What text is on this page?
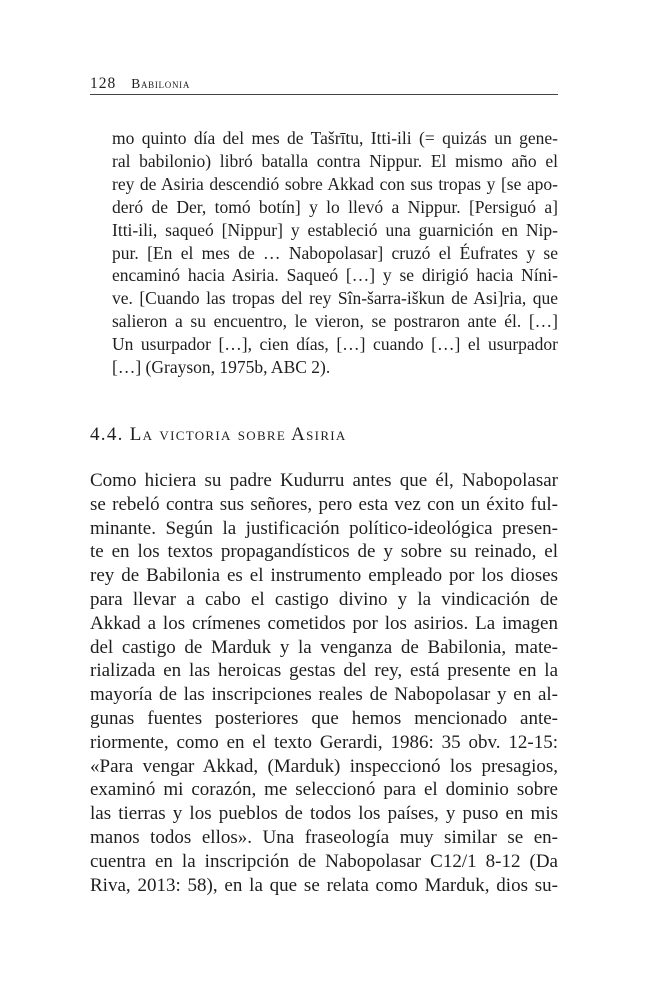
128 Babilonia
mo quinto día del mes de Tašrītu, Itti-ili (= quizás un gene-
ral babilonio) libró batalla contra Nippur. El mismo año el
rey de Asiria descendió sobre Akkad con sus tropas y [se apo-
deró de Der, tomó botín] y lo llevó a Nippur. [Persiguó a]
Itti-ili, saqueó [Nippur] y estableció una guarnición en Nip-
pur. [En el mes de … Nabopolasar] cruzó el Éufrates y se
encaminó hacia Asiria. Saqueó […] y se dirigió hacia Níni-
ve. [Cuando las tropas del rey Sîn-šarra-iškun de Asi]ria, que
salieron a su encuentro, le vieron, se postraron ante él. […]
Un usurpador […], cien días, […] cuando […] el usurpador
[…] (Grayson, 1975b, ABC 2).
4.4. La victoria sobre Asiria
Como hiciera su padre Kudurru antes que él, Nabopolasar
se rebeló contra sus señores, pero esta vez con un éxito ful-
minante. Según la justificación político-ideológica presen-
te en los textos propagandísticos de y sobre su reinado, el
rey de Babilonia es el instrumento empleado por los dioses
para llevar a cabo el castigo divino y la vindicación de
Akkad a los crímenes cometidos por los asirios. La imagen
del castigo de Marduk y la venganza de Babilonia, mate-
rializada en las heroicas gestas del rey, está presente en la
mayoría de las inscripciones reales de Nabopolasar y en al-
gunas fuentes posteriores que hemos mencionado ante-
riormente, como en el texto Gerardi, 1986: 35 obv. 12-15:
«Para vengar Akkad, (Marduk) inspeccionó los presagios,
examinó mi corazón, me seleccionó para el dominio sobre
las tierras y los pueblos de todos los países, y puso en mis
manos todos ellos». Una fraseología muy similar se en-
cuentra en la inscripción de Nabopolasar C12/1 8-12 (Da
Riva, 2013: 58), en la que se relata como Marduk, dios su-
